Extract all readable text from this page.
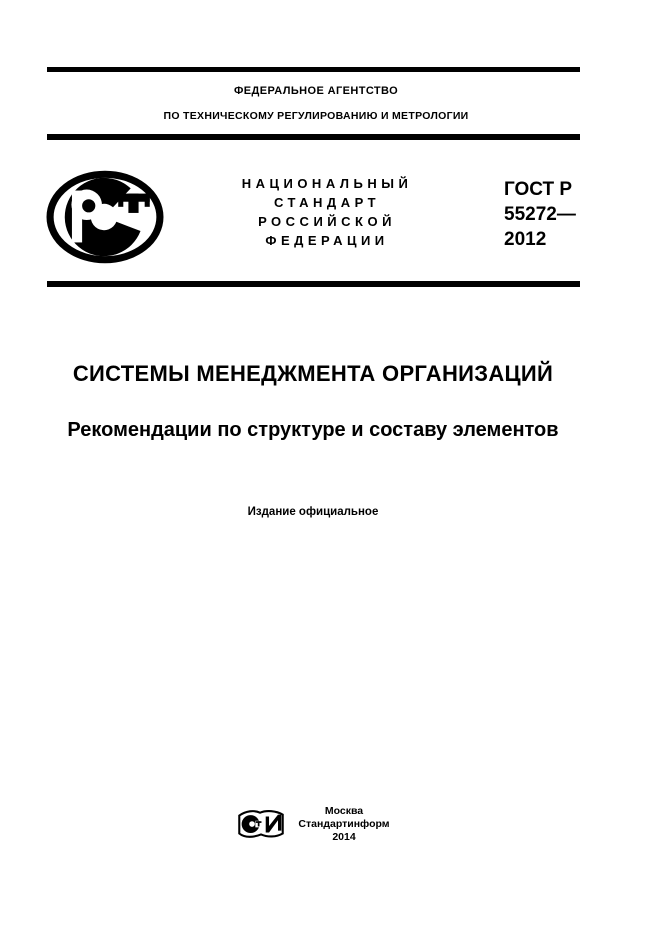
ФЕДЕРАЛЬНОЕ АГЕНТСТВО
ПО ТЕХНИЧЕСКОМУ РЕГУЛИРОВАНИЮ И МЕТРОЛОГИИ
НАЦИОНАЛЬНЫЙ
СТАНДАРТ
РОССИЙСКОЙ
ФЕДЕРАЦИИ
ГОСТ Р
55272—
2012
СИСТЕМЫ МЕНЕДЖМЕНТА ОРГАНИЗАЦИЙ
Рекомендации по структуре и составу элементов
Издание официальное
Москва
Стандартинформ
2014
